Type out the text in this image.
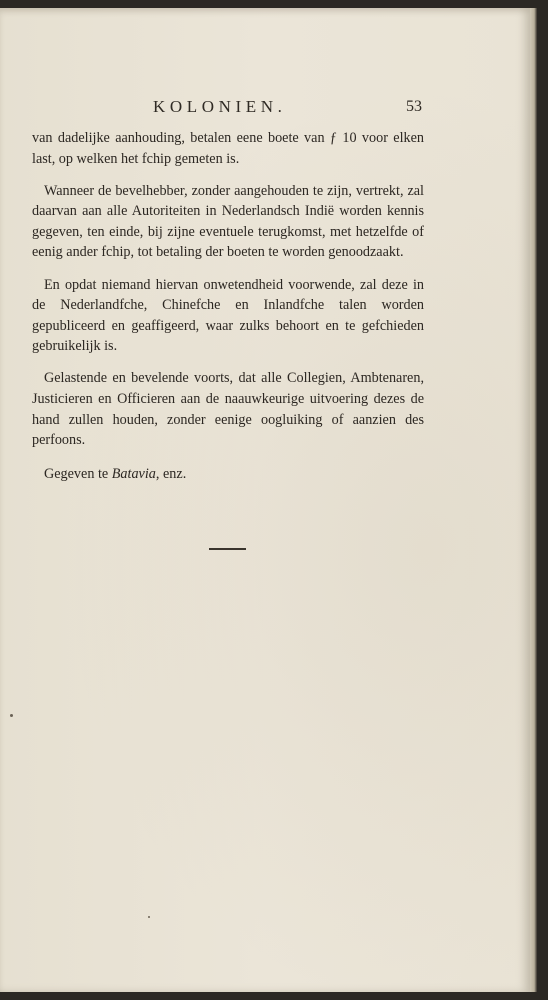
KOLONIEN.	53

van dadelijke aanhouding, betalen eene boete van ƒ 10 voor elken last, op welken het fchip gemeten is.

Wanneer de bevelhebber, zonder aangehouden te zijn, vertrekt, zal daarvan aan alle Autoriteiten in Nederlandsch Indië worden kennis gegeven, ten einde, bij zijne eventuele terugkomst, met hetzelfde of eenig ander fchip, tot betaling der boeten te worden genoodzaakt.

En opdat niemand hiervan onwetendheid voorwende, zal deze in de Nederlandfche, Chinefche en Inlandfche talen worden gepubliceerd en geaffigeerd, waar zulks behoort en te gefchieden gebruikelijk is.

Gelastende en bevelende voorts, dat alle Collegien, Ambtenaren, Justicieren en Officieren aan de naauwkeurige uitvoering dezes de hand zullen houden, zonder eenige oogluiking of aanzien des perfoons.

Gegeven te Batavia, enz.
